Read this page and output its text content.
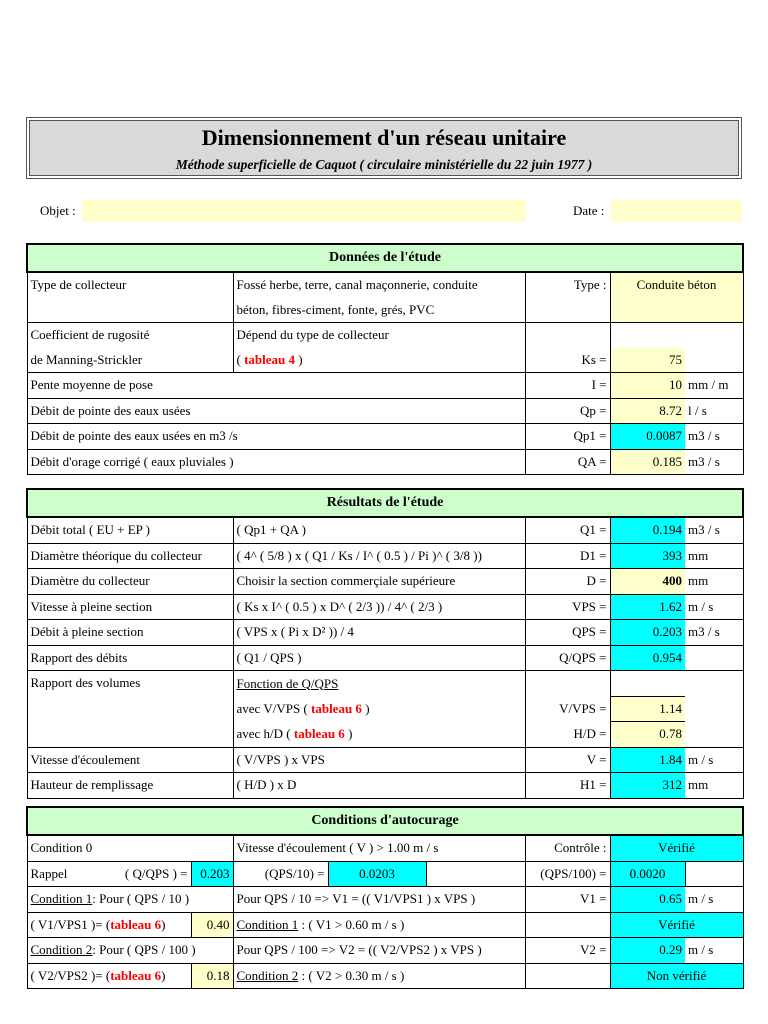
Dimensionnement d'un réseau unitaire
Méthode superficielle de Caquot ( circulaire ministérielle du 22 juin 1977 )
Objet :	Date :
Données de l'étude				
Type de collecteur	Fossé herbe, terre, canal maçonnerie, conduite	Type :	Conduite béton	
	béton, fibres-ciment, fonte, grés, PVC			
Coefficient de rugosité	Dépend du type de collecteur			
de Manning-Strickler	( tableau 4 )	Ks =	75	
Pente moyenne de pose		I =	10	mm / m
Débit de pointe des eaux usées		Qp =	8.72	l / s
Débit de pointe des eaux usées en m3 /s		Qp1 =	0.0087	m3 / s
Débit d'orage corrigé ( eaux pluviales )		QA =	0.185	m3 / s
Résultats de l'étude				
Débit total ( EU + EP )	( Qp1 + QA )	Q1 =	0.194	m3 / s
Diamètre théorique du collecteur	( 4^ ( 5/8 ) x ( Q1 / Ks / I^ ( 0.5 ) / Pi )^ ( 3/8 ))	D1 =	393	mm
Diamètre du collecteur	Choisir la section commerçiale supérieure	D =	400	mm
Vitesse à pleine section	( Ks x I^ ( 0.5 ) x D^ ( 2/3 )) / 4^ ( 2/3 )	VPS =	1.62	m / s
Débit à pleine section	( VPS x ( Pi x D² )) / 4	QPS =	0.203	m3 / s
Rapport des débits	( Q1 / QPS )	Q/QPS =	0.954	
Rapport des volumes	Fonction de Q/QPS			
	avec V/VPS ( tableau 6 )	V/VPS =	1.14	
	avec h/D ( tableau 6 )	H/D =	0.78	
Vitesse d'écoulement	( V/VPS ) x VPS	V =	1.84	m / s
Hauteur de remplissage	( H/D ) x D	H1 =	312	mm
Conditions d'autocurage							
Condition 0		Vitesse d'écoulement ( V ) > 1.00 m / s			Contrôle :	Vérifié	
Rappel ( Q/QPS ) =	0.203	(QPS/10) =	0.0203		(QPS/100) =	0.0020	
Condition 1: Pour ( QPS / 10 )		Pour QPS / 10 => V1 = (( V1/VPS1 ) x VPS )			V1 =	0.65	m / s
( V1/VPS1 )= (tableau 6)	0.40	Condition 1 : ( V1 > 0.60 m / s )				Vérifié	
Condition 2: Pour ( QPS / 100 )		Pour QPS / 100 => V2 = (( V2/VPS2 ) x VPS )			V2 =	0.29	m / s
( V2/VPS2 )= (tableau 6)	0.18	Condition 2 : ( V2 > 0.30 m / s )				Non vérifié	
